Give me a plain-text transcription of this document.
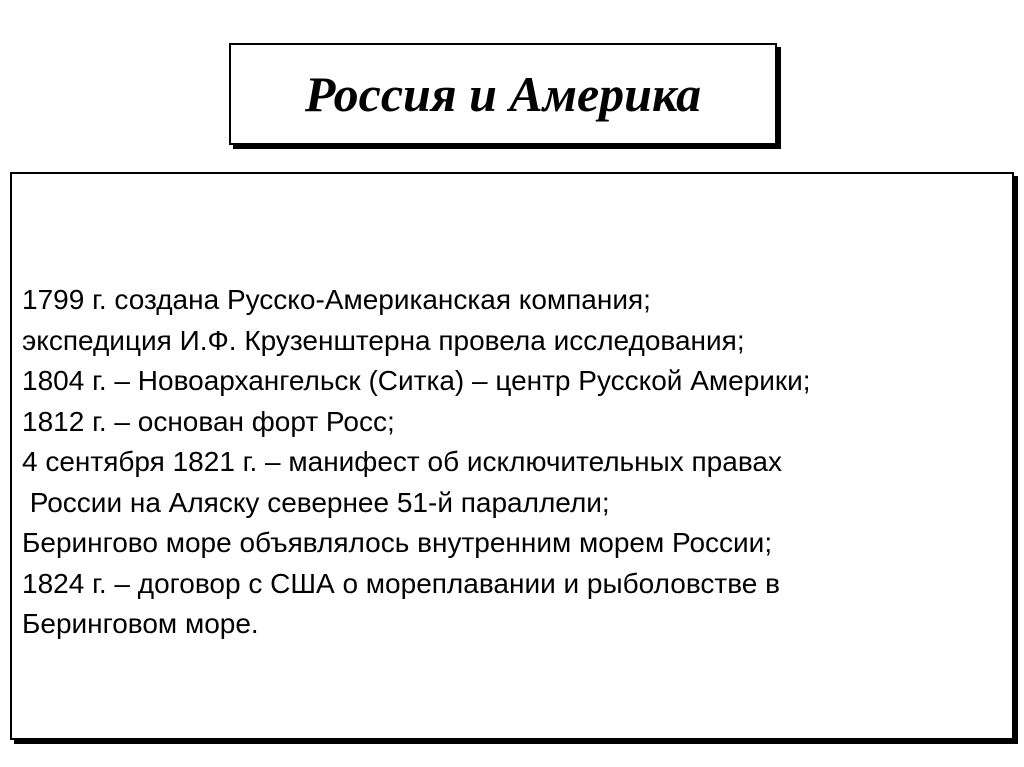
Россия и Америка
1799 г. создана Русско-Американская компания;
экспедиция И.Ф. Крузенштерна провела исследования;
1804 г. – Новоархангельск (Ситка) – центр Русской Америки;
1812 г. – основан форт Росс;
4 сентября 1821 г. – манифест об исключительных правах
России на Аляску севернее 51-й параллели;
Берингово море объявлялось внутренним морем России;
1824 г. – договор с США о мореплавании и рыболовстве в
Беринговом море.
